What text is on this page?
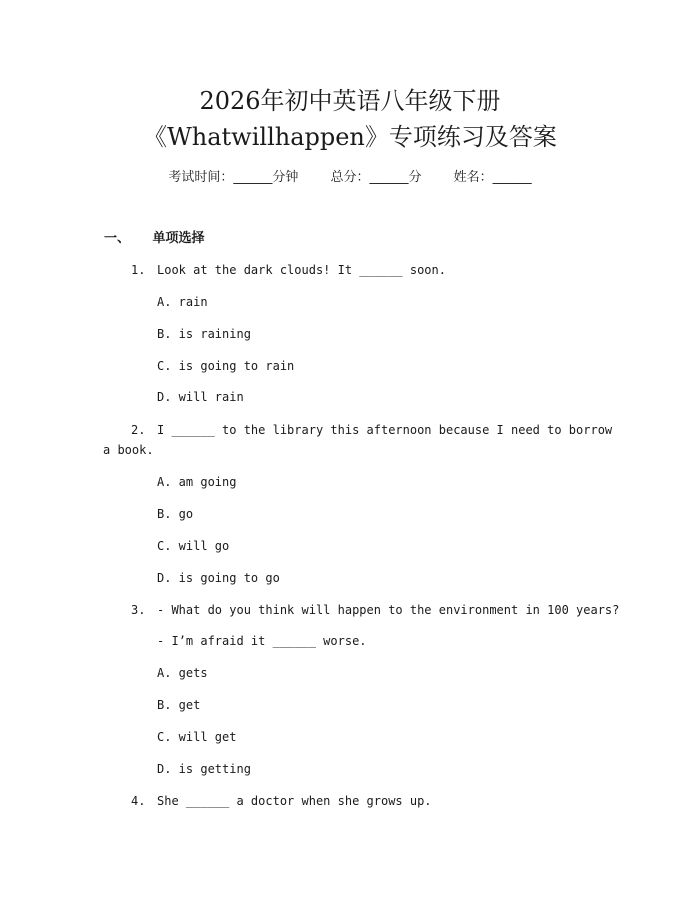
2026年初中英语八年级下册
《Whatwillhappen》专项练习及答案
考试时间：______分钟 总分：______分 姓名：______
一、 单项选择
1. Look at the dark clouds! It ______ soon.
A. rain
B. is raining
C. is going to rain
D. will rain
2. I ______ to the library this afternoon because I need to borrow
a book.
A. am going
B. go
C. will go
D. is going to go
3. - What do you think will happen to the environment in 100 years?
- I’m afraid it ______ worse.
A. gets
B. get
C. will get
D. is getting
4. She ______ a doctor when she grows up.
